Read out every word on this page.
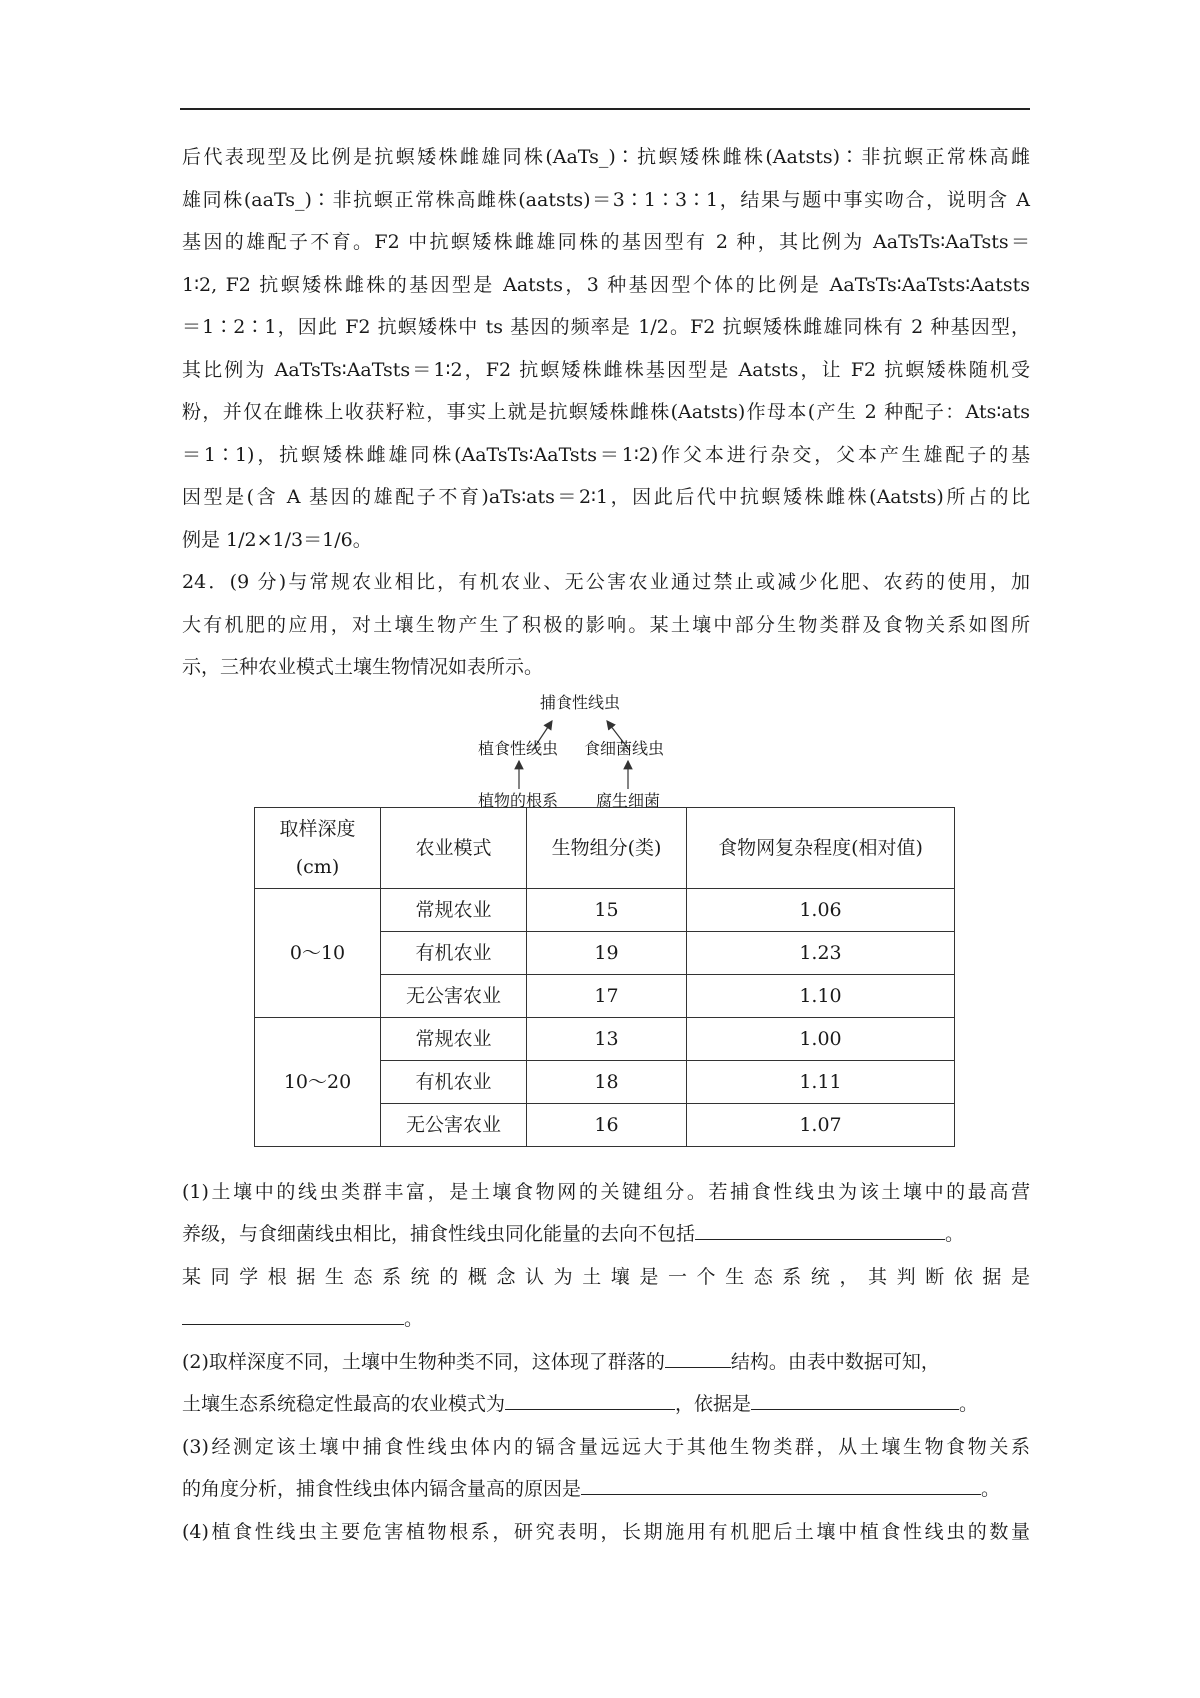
后代表现型及比例是抗螟矮株雌雄同株(AaTs_)∶抗螟矮株雌株(Aatsts)∶非抗螟正常株高雌

雄同株(aaTs_)∶非抗螟正常株高雌株(aatsts)＝3∶1∶3∶1，结果与题中事实吻合，说明含 A

基因的雄配子不育。F2 中抗螟矮株雌雄同株的基因型有 2 种，其比例为 AaTsTs∶AaTsts＝

1∶2, F2 抗螟矮株雌株的基因型是 Aatsts，3 种基因型个体的比例是 AaTsTs∶AaTsts∶Aatsts

＝1∶2∶1，因此 F2 抗螟矮株中 ts 基因的频率是 1/2。F2 抗螟矮株雌雄同株有 2 种基因型，

其比例为 AaTsTs∶AaTsts＝1∶2，F2 抗螟矮株雌株基因型是 Aatsts，让 F2 抗螟矮株随机受

粉，并仅在雌株上收获籽粒，事实上就是抗螟矮株雌株(Aatsts)作母本(产生 2 种配子：Ats∶ats

＝1∶1)，抗螟矮株雌雄同株(AaTsTs∶AaTsts＝1∶2)作父本进行杂交，父本产生雄配子的基

因型是(含 A 基因的雄配子不育)aTs∶ats＝2∶1，因此后代中抗螟矮株雌株(Aatsts)所占的比

例是 1/2×1/3＝1/6。

24．(9 分)与常规农业相比，有机农业、无公害农业通过禁止或减少化肥、农药的使用，加

大有机肥的应用，对土壤生物产生了积极的影响。某土壤中部分生物类群及食物关系如图所

示，三种农业模式土壤生物情况如表所示。

捕食性线虫
植食性线虫 食细菌线虫
植物的根系 腐生细菌
取样深度
(cm)	农业模式	生物组分(类)	食物网复杂程度(相对值)
0～10	常规农业	15	1.06
	有机农业	19	1.23
	无公害农业	17	1.10
10～20	常规农业	13	1.00
	有机农业	18	1.11
	无公害农业	16	1.07

(1)土壤中的线虫类群丰富，是土壤食物网的关键组分。若捕食性线虫为该土壤中的最高营

养级，与食细菌线虫相比，捕食性线虫同化能量的去向不包括	。

某同学根据生态系统的概念认为土壤是一个生态系统，其判断依据是

。

(2)取样深度不同，土壤中生物种类不同，这体现了群落的	结构。由表中数据可知，

土壤生态系统稳定性最高的农业模式为	，依据是	。

(3)经测定该土壤中捕食性线虫体内的镉含量远远大于其他生物类群，从土壤生物食物关系

的角度分析，捕食性线虫体内镉含量高的原因是	。

(4)植食性线虫主要危害植物根系，研究表明，长期施用有机肥后土壤中植食性线虫的数量
